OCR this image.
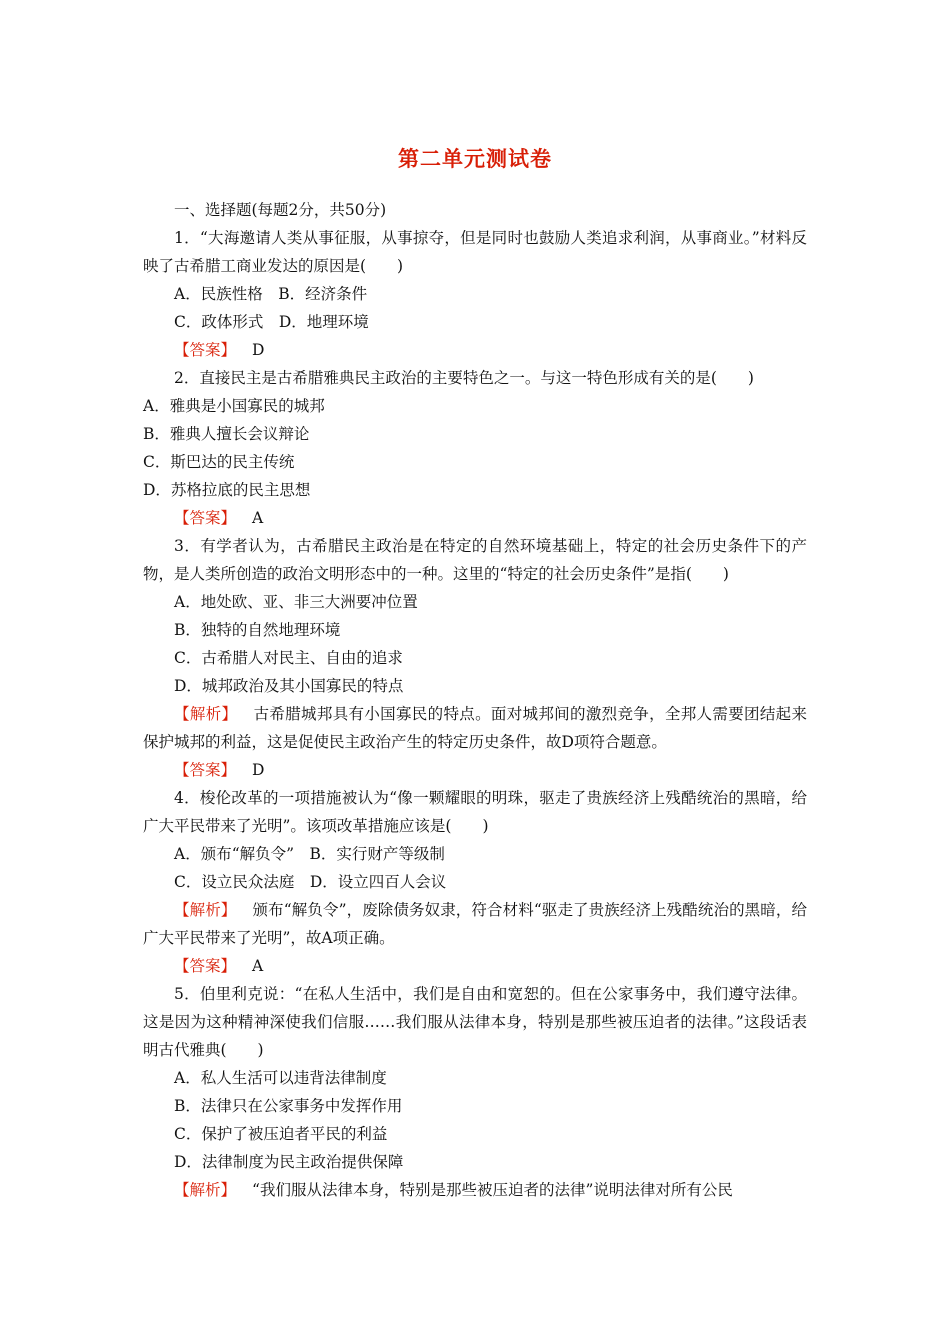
第二单元测试卷
一、选择题(每题2分，共50分)
1．“大海邀请人类从事征服，从事掠夺，但是同时也鼓励人类追求利润，从事商业。”材料反映了古希腊工商业发达的原因是(　　)
A．民族性格　B．经济条件
C．政体形式　D．地理环境
【答案】 D
2．直接民主是古希腊雅典民主政治的主要特色之一。与这一特色形成有关的是(　　)
A．雅典是小国寡民的城邦
B．雅典人擅长会议辩论
C．斯巴达的民主传统
D．苏格拉底的民主思想
【答案】 A
3．有学者认为，古希腊民主政治是在特定的自然环境基础上，特定的社会历史条件下的产物，是人类所创造的政治文明形态中的一种。这里的“特定的社会历史条件”是指(　　)
A．地处欧、亚、非三大洲要冲位置
B．独特的自然地理环境
C．古希腊人对民主、自由的追求
D．城邦政治及其小国寡民的特点
【解析】 古希腊城邦具有小国寡民的特点。面对城邦间的激烈竞争，全邦人需要团结起来保护城邦的利益，这是促使民主政治产生的特定历史条件，故D项符合题意。
【答案】 D
4．梭伦改革的一项措施被认为“像一颗耀眼的明珠，驱走了贵族经济上残酷统治的黑暗，给广大平民带来了光明”。该项改革措施应该是(　　)
A．颁布“解负令”　B．实行财产等级制
C．设立民众法庭　D．设立四百人会议
【解析】 颁布“解负令”，废除债务奴隶，符合材料“驱走了贵族经济上残酷统治的黑暗，给广大平民带来了光明”，故A项正确。
【答案】 A
5．伯里利克说：“在私人生活中，我们是自由和宽恕的。但在公家事务中，我们遵守法律。这是因为这种精神深使我们信服……我们服从法律本身，特别是那些被压迫者的法律。”这段话表明古代雅典(　　)
A．私人生活可以违背法律制度
B．法律只在公家事务中发挥作用
C．保护了被压迫者平民的利益
D．法律制度为民主政治提供保障
【解析】 “我们服从法律本身，特别是那些被压迫者的法律”说明法律对所有公民
